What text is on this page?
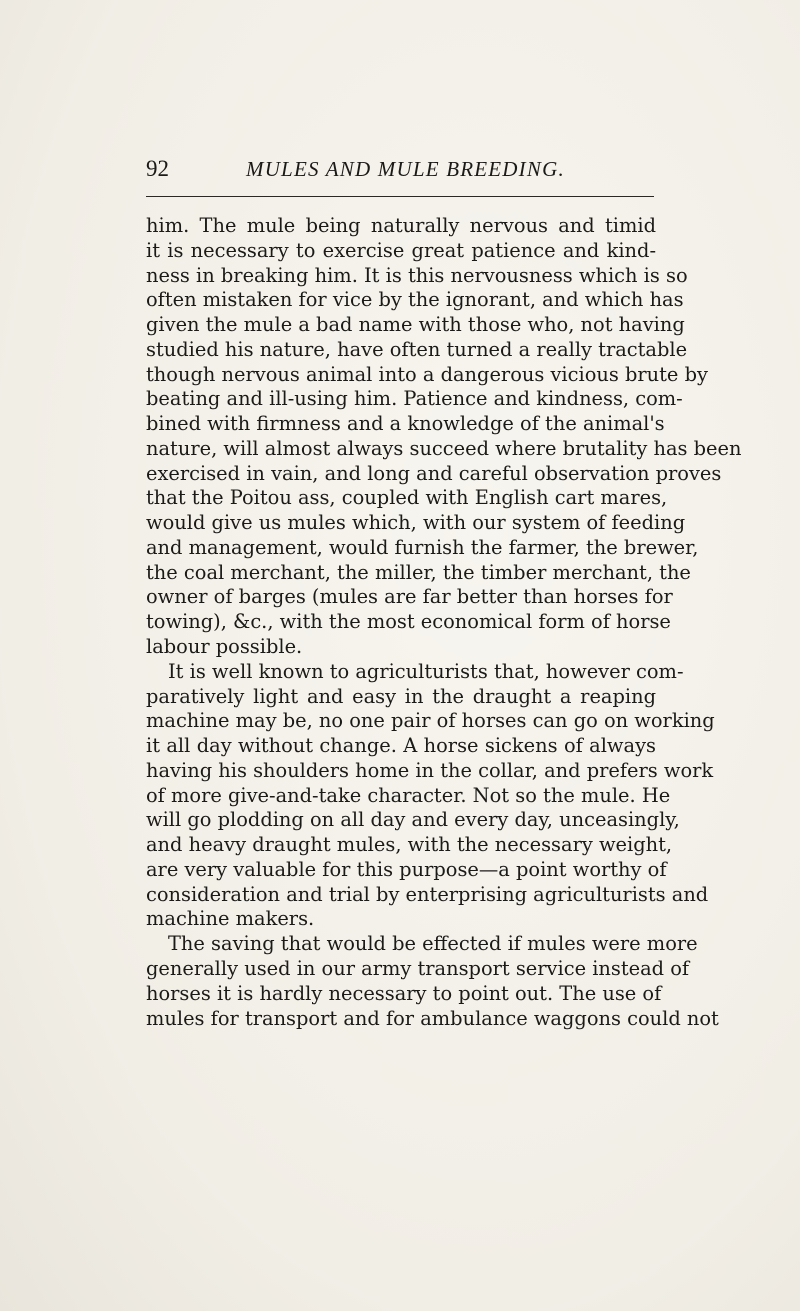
92	MULES AND MULE BREEDING.
him. The mule being naturally nervous and timid
it is necessary to exercise great patience and kind-
ness in breaking him. It is this nervousness which is so
often mistaken for vice by the ignorant, and which has
given the mule a bad name with those who, not having
studied his nature, have often turned a really tractable
though nervous animal into a dangerous vicious brute by
beating and ill-using him. Patience and kindness, com-
bined with firmness and a knowledge of the animal's
nature, will almost always succeed where brutality has been
exercised in vain, and long and careful observation proves
that the Poitou ass, coupled with English cart mares,
would give us mules which, with our system of feeding
and management, would furnish the farmer, the brewer,
the coal merchant, the miller, the timber merchant, the
owner of barges (mules are far better than horses for
towing), &c., with the most economical form of horse
labour possible.
It is well known to agriculturists that, however com-
paratively light and easy in the draught a reaping
machine may be, no one pair of horses can go on working
it all day without change. A horse sickens of always
having his shoulders home in the collar, and prefers work
of more give-and-take character. Not so the mule. He
will go plodding on all day and every day, unceasingly,
and heavy draught mules, with the necessary weight,
are very valuable for this purpose—a point worthy of
consideration and trial by enterprising agriculturists and
machine makers.
The saving that would be effected if mules were more
generally used in our army transport service instead of
horses it is hardly necessary to point out. The use of
mules for transport and for ambulance waggons could not
